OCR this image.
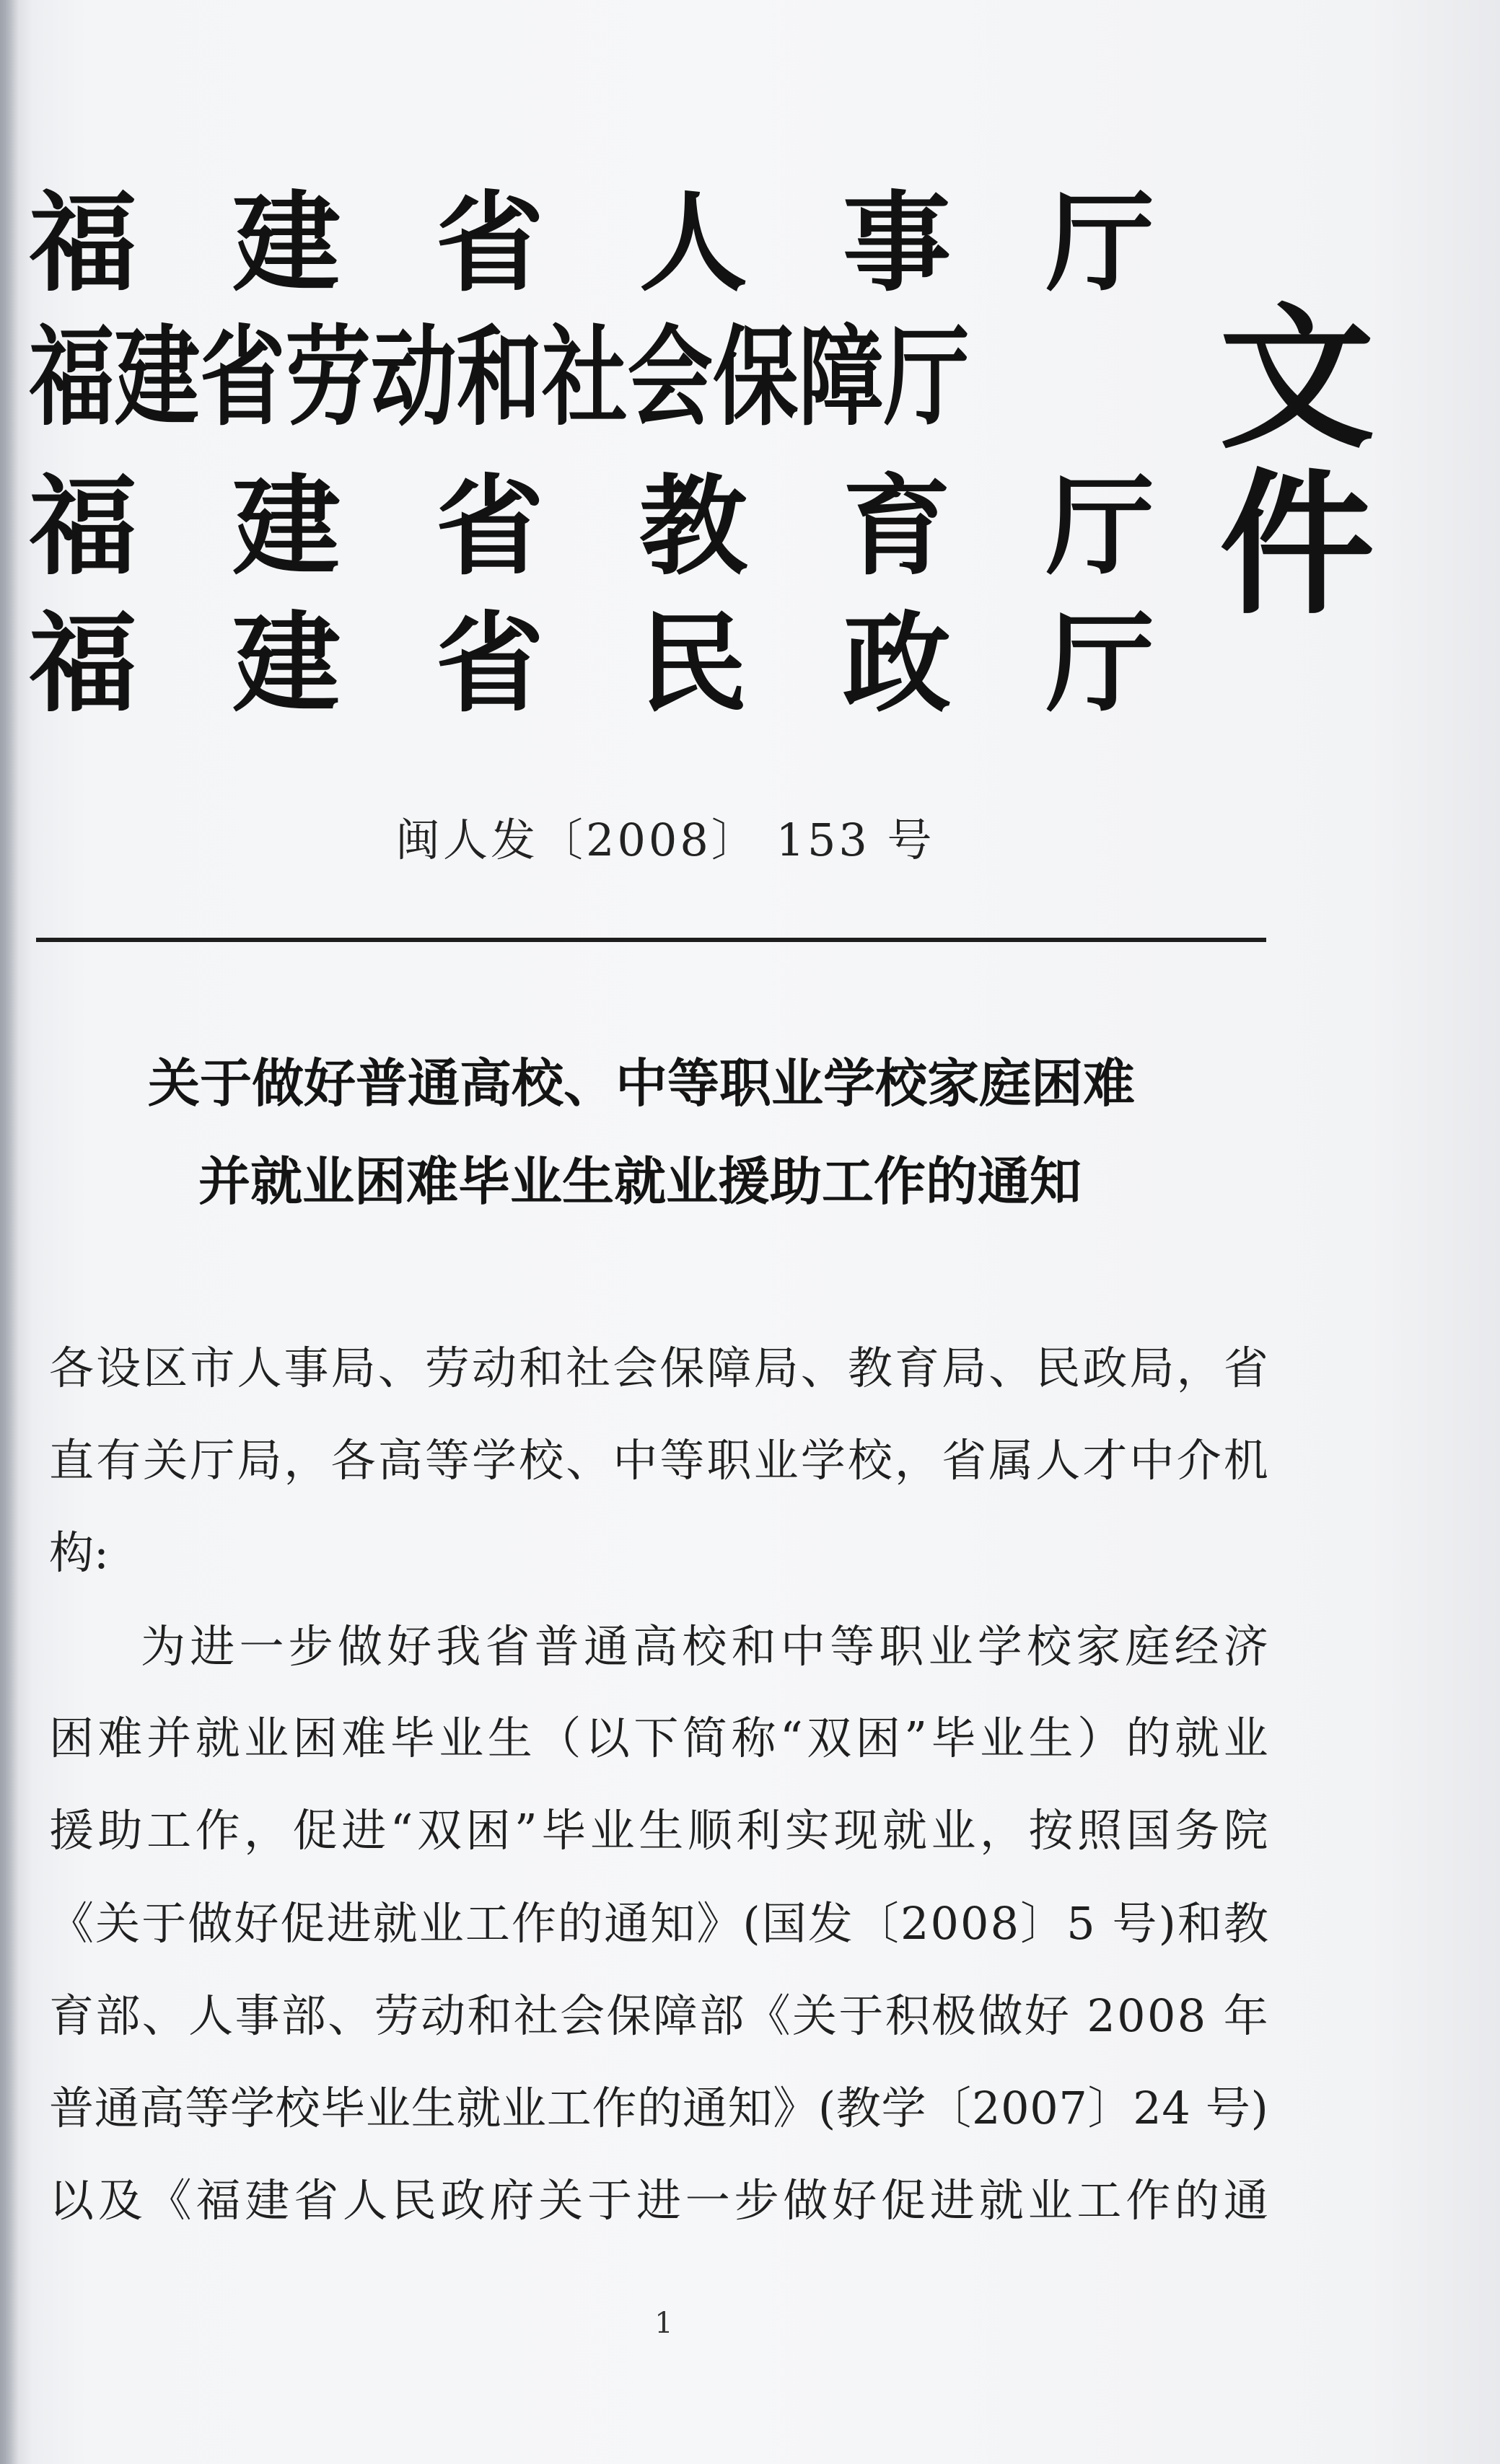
福 建 省 人 事 厅
福建省劳动和社会保障厅
福 建 省 教 育 厅
福 建 省 民 政 厅
文件
闽人发〔2008〕 153 号
关于做好普通高校、中等职业学校家庭困难
并就业困难毕业生就业援助工作的通知
各 设 区 市 人 事 局 、 劳 动 和 社 会 保 障 局 、 教 育 局 、 民 政 局 ， 省
直 有 关 厅 局 ， 各 高 等 学 校 、 中 等 职 业 学 校 ， 省 属 人 才 中 介 机
构:
为 进 一 步 做 好 我 省 普 通 高 校 和 中 等 职 业 学 校 家 庭 经 济
困 难 并 就 业 困 难 毕 业 生 （ 以 下 简 称 “ 双 困 ” 毕 业 生 ） 的 就 业
援 助 工 作 ， 促 进 “ 双 困 ” 毕 业 生 顺 利 实 现 就 业 ， 按 照 国 务 院
《 关 于 做 好 促 进 就 业 工 作 的 通 知 》 ( 国 发 〔 2 0 0 8 〕 5
号 ) 和 教
育 部 、 人 事 部 、 劳 动 和 社 会 保 障 部 《 关 于 积 极 做 好
2 0 0 8
年
普 通 高 等 学 校 毕 业 生 就 业 工 作 的 通 知 》 ( 教 学 〔 2 0 0 7 〕 2 4
号 )
以 及 《 福 建 省 人 民 政 府 关 于 进 一 步 做 好 促 进 就 业 工 作 的 通
1
